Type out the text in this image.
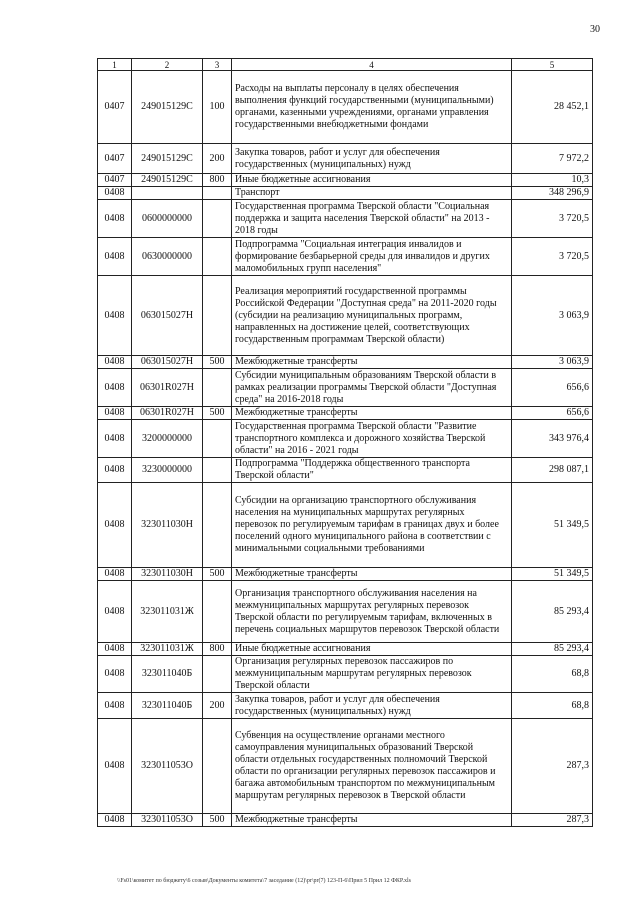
30
1	2	3	4	5
0407	249015129С	100	Расходы на выплаты персоналу в целях обеспечения выполнения функций государственными (муниципальными) органами, казенными учреждениями, органами управления государственными внебюджетными фондами	28 452,1
0407	249015129С	200	Закупка товаров, работ и услуг для обеспечения государственных (муниципальных) нужд	7 972,2
0407	249015129С	800	Иные бюджетные ассигнования	10,3
0408			Транспорт	348 296,9
0408	0600000000		Государственная программа Тверской области "Социальная поддержка и защита населения Тверской области" на 2013 - 2018 годы	3 720,5
0408	0630000000		Подпрограмма "Социальная интеграция инвалидов и формирование безбарьерной среды для инвалидов и других маломобильных групп населения"	3 720,5
0408	063015027Н		Реализация мероприятий государственной программы Российской Федерации "Доступная среда" на 2011-2020 годы (субсидии на реализацию муниципальных программ, направленных на достижение целей, соответствующих государственным программам Тверской области)	3 063,9
0408	063015027Н	500	Межбюджетные трансферты	3 063,9
0408	06301R027Н		Субсидии муниципальным образованиям Тверской области в рамках реализации программы Тверской области "Доступная среда" на 2016-2018 годы	656,6
0408	06301R027Н	500	Межбюджетные трансферты	656,6
0408	3200000000		Государственная программа Тверской области "Развитие транспортного комплекса и дорожного хозяйства Тверской области" на 2016 - 2021 годы	343 976,4
0408	3230000000		Подпрограмма "Поддержка общественного транспорта Тверской области"	298 087,1
0408	323011030Н		Субсидии на организацию транспортного обслуживания населения на муниципальных маршрутах регулярных перевозок по регулируемым тарифам в границах двух и более поселений одного муниципального района в соответствии с минимальными социальными требованиями	51 349,5
0408	323011030Н	500	Межбюджетные трансферты	51 349,5
0408	323011031Ж		Организация транспортного обслуживания населения на межмуниципальных маршрутах регулярных перевозок Тверской области по регулируемым тарифам, включенных в перечень социальных маршрутов перевозок Тверской области	85 293,4
0408	323011031Ж	800	Иные бюджетные ассигнования	85 293,4
0408	323011040Б		Организация регулярных перевозок пассажиров по межмуниципальным маршрутам регулярных перевозок Тверской области	68,8
0408	323011040Б	200	Закупка товаров, работ и услуг для обеспечения государственных (муниципальных) нужд	68,8
0408	323011053О		Субвенция на осуществление органами местного самоуправления муниципальных образований Тверской области отдельных государственных полномочий Тверской области по организации регулярных перевозок пассажиров и багажа автомобильным транспортом по межмуниципальным маршрутам регулярных перевозок в Тверской области	287,3
0408	323011053О	500	Межбюджетные трансферты	287,3
\\Fs01\комитет по бюджету\6 созыв\Документы комитета\7 заседание (12)\pr\pr(7) 123-П-6\Прил 5 Прил 12 ФКР.xls
